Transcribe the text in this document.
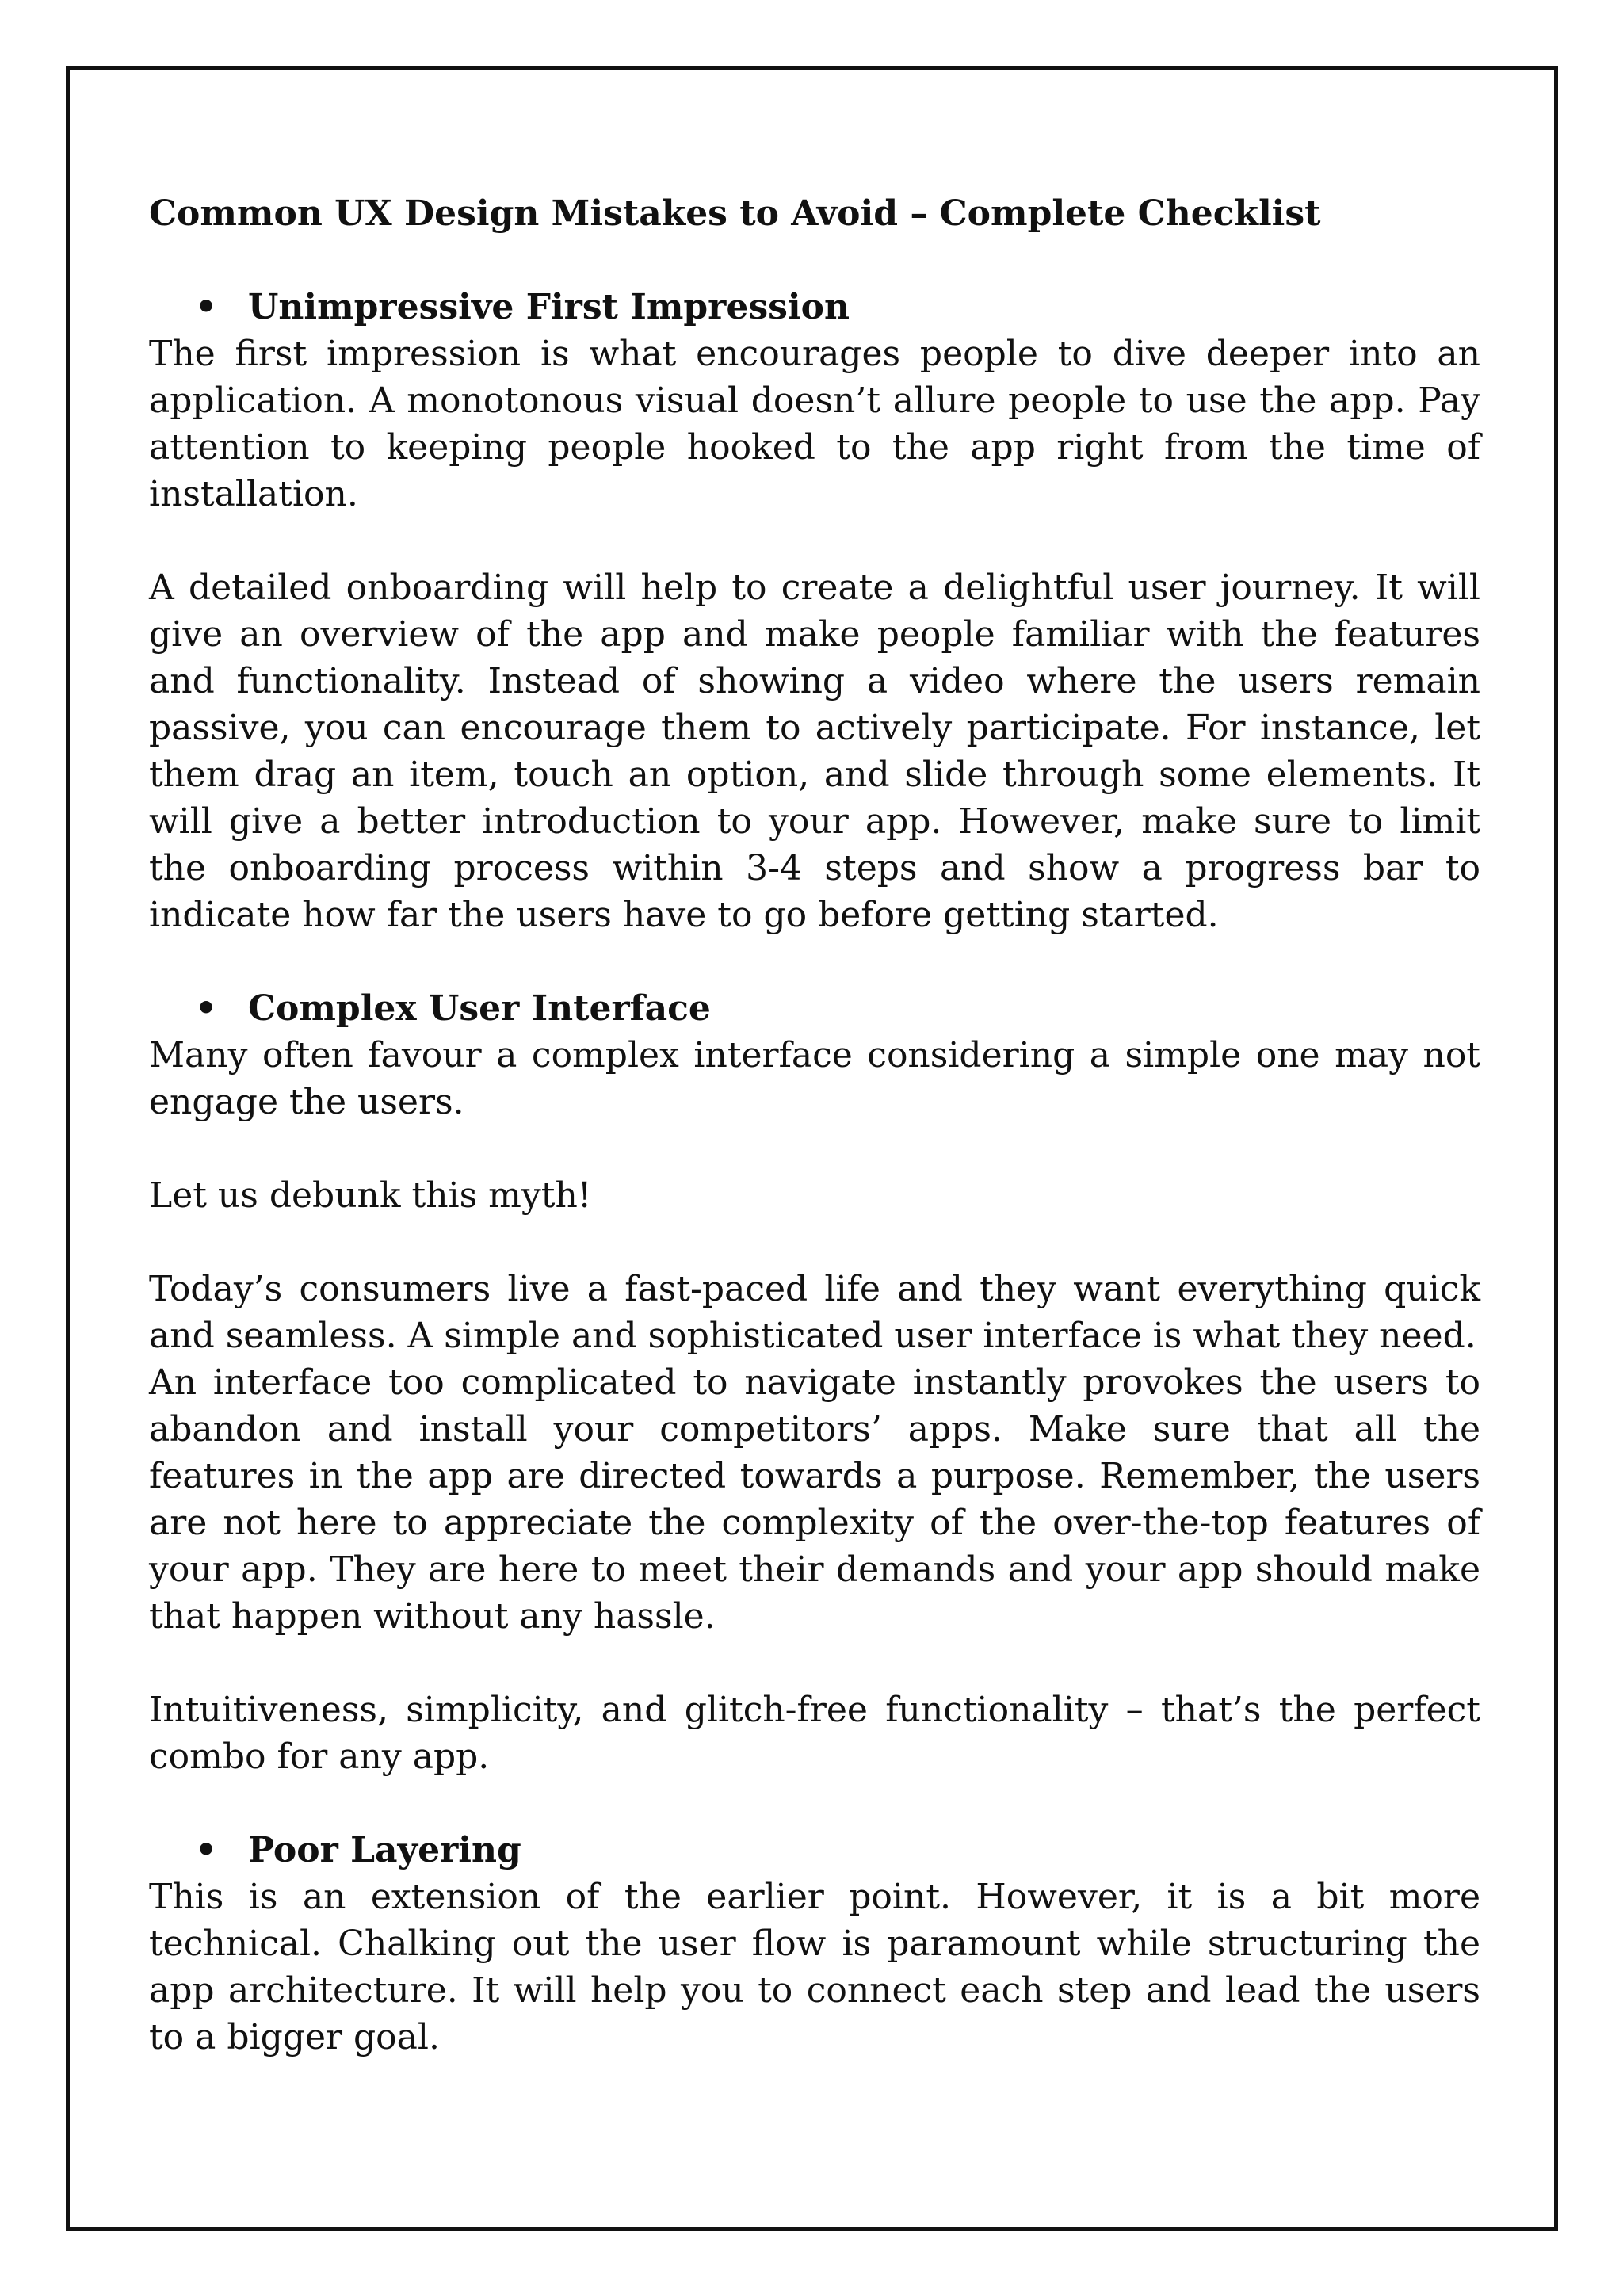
Common UX Design Mistakes to Avoid – Complete Checklist

• Unimpressive First Impression

The first impression is what encourages people to dive deeper into an application. A monotonous visual doesn’t allure people to use the app. Pay attention to keeping people hooked to the app right from the time of installation.

A detailed onboarding will help to create a delightful user journey. It will give an overview of the app and make people familiar with the features and functionality. Instead of showing a video where the users remain passive, you can encourage them to actively participate. For instance, let them drag an item, touch an option, and slide through some elements. It will give a better introduction to your app. However, make sure to limit the onboarding process within 3-4 steps and show a progress bar to indicate how far the users have to go before getting started.

• Complex User Interface

Many often favour a complex interface considering a simple one may not engage the users.

Let us debunk this myth!

Today’s consumers live a fast-paced life and they want everything quick and seamless. A simple and sophisticated user interface is what they need.

An interface too complicated to navigate instantly provokes the users to abandon and install your competitors’ apps. Make sure that all the features in the app are directed towards a purpose. Remember, the users are not here to appreciate the complexity of the over-the-top features of your app. They are here to meet their demands and your app should make that happen without any hassle.

Intuitiveness, simplicity, and glitch-free functionality – that’s the perfect combo for any app.

• Poor Layering

This is an extension of the earlier point. However, it is a bit more technical. Chalking out the user flow is paramount while structuring the app architecture. It will help you to connect each step and lead the users to a bigger goal.
